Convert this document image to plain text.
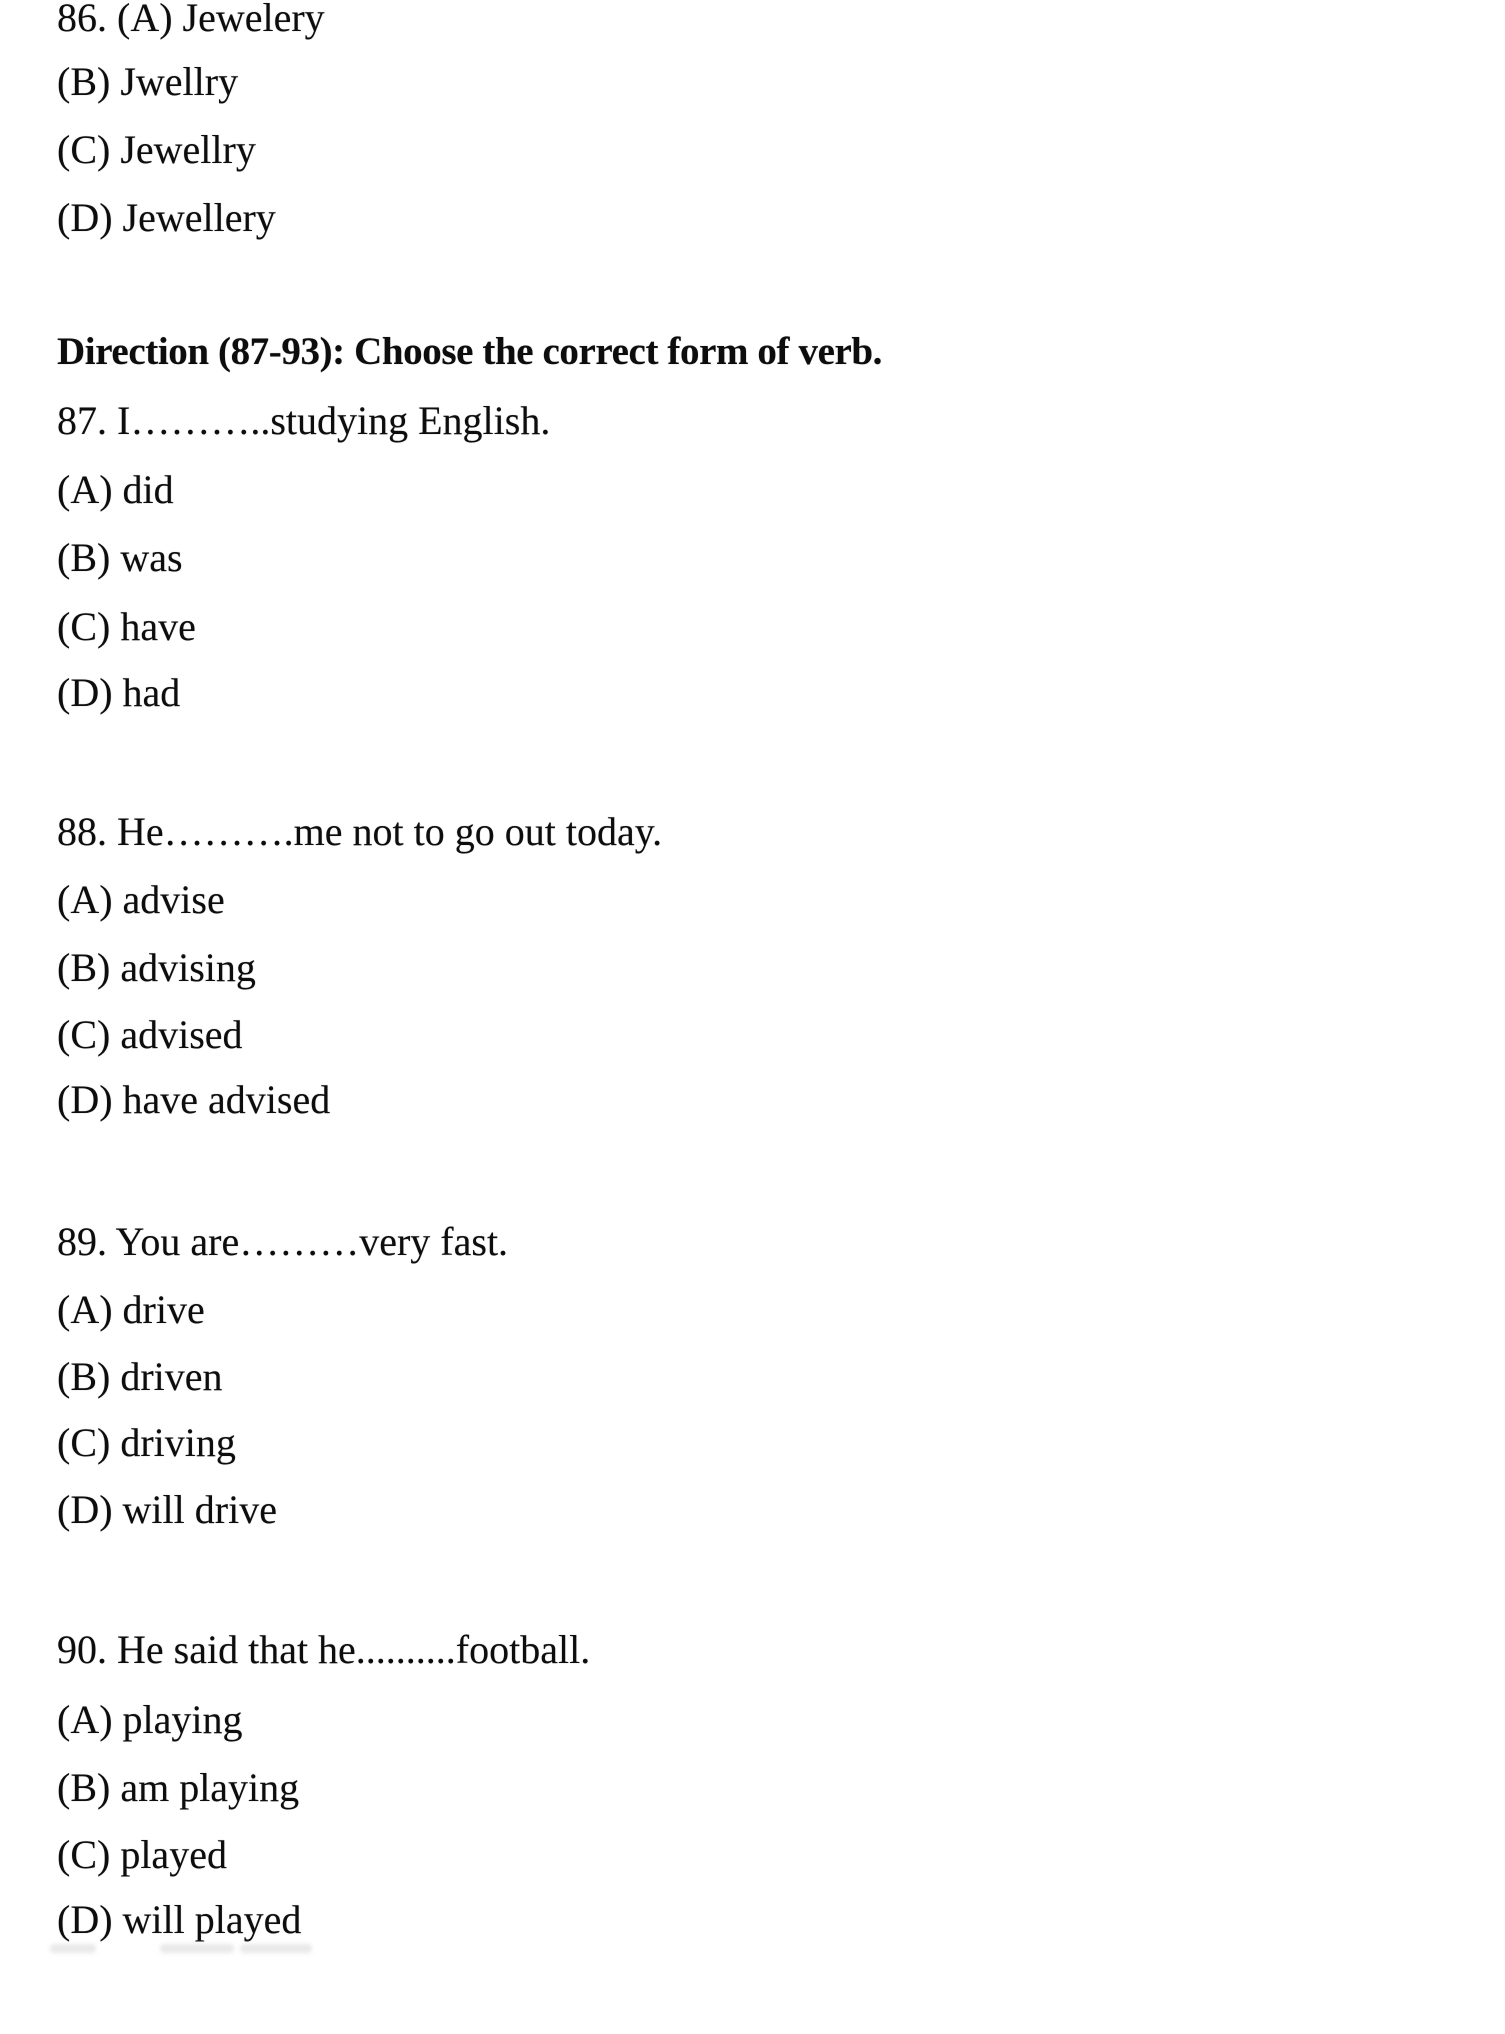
86. (A) Jewelery
(B) Jwellry
(C) Jewellry
(D) Jewellery
Direction (87-93): Choose the correct form of verb.
87. I………..studying English.
(A) did
(B) was
(C) have
(D) had
88. He……….me not to go out today.
(A) advise
(B) advising
(C) advised
(D) have advised
89. You are………very fast.
(A) drive
(B) driven
(C) driving
(D) will drive
90. He said that he..........football.
(A) playing
(B) am playing
(C) played
(D) will played
